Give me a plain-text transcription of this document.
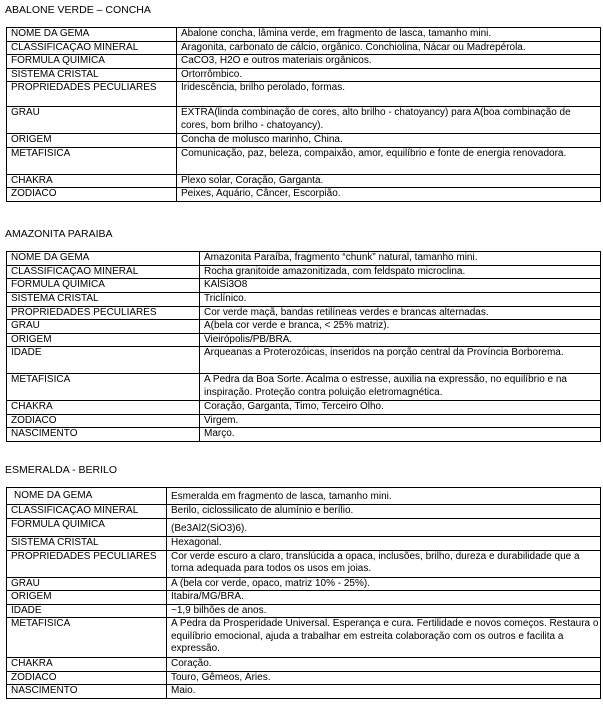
ABALONE VERDE – CONCHA
NOME DA GEMA	Abalone concha, lâmina verde, em fragmento de lasca, tamanho mini.
CLASSIFICAÇÃO MINERAL	Aragonita, carbonato de cálcio, orgânico. Conchiolina, Nácar ou Madrepérola.
FÓRMULA QUIMICA	CaCO3, H2O e outros materiais orgânicos.
SISTEMA CRISTAL	Ortorrômbico.
PROPRIEDADES PECULIARES	Iridescência, brilho perolado, formas.
GRAU	EXTRA(linda combinação de cores, alto brilho - chatoyancy) para A(boa combinação de cores, bom brilho - chatoyancy).
ORIGEM	Concha de molusco marinho, China.
METAFÍSICA	Comunicação, paz, beleza, compaixão, amor, equilíbrio e fonte de energia renovadora.
CHAKRA	Plexo solar, Coração, Garganta.
ZODIACO	Peixes, Aquário, Câncer, Escorpião.
AMAZONITA PARAIBA
NOME DA GEMA	Amazonita Paraíba, fragmento “chunk” natural, tamanho mini.
CLASSIFICAÇÃO MINERAL	Rocha granitoide amazonitizada, com feldspato microclina.
FÓRMULA QUIMICA	KAlSi3O8
SISTEMA CRISTAL	Triclínico.
PROPRIEDADES PECULIARES	Cor verde maçã, bandas retilíneas verdes e brancas alternadas.
GRAU	A(bela cor verde e branca, < 25% matriz).
ORIGEM	Vieirópolis/PB/BRA.
IDADE	Arqueanas a Proterozóicas, inseridos na porção central da Província Borborema.
METAFÍSICA	A Pedra da Boa Sorte. Acalma o estresse, auxilia na expressão, no equilíbrio e na inspiração. Proteção contra poluição eletromagnética.
CHAKRA	Coração, Garganta, Timo, Terceiro Olho.
ZODIACO	Virgem.
NASCIMENTO	Março.
ESMERALDA - BERILO
NOME DA GEMA	Esmeralda em fragmento de lasca, tamanho mini.
CLASSIFICAÇÃO MINERAL	Berilo, ciclossilicato de alumínio e berílio.
FÓRMULA QUIMICA	(Be3Al2(SiO3)6).
SISTEMA CRISTAL	Hexagonal.
PROPRIEDADES PECULIARES	Cor verde escuro a claro, translúcida a opaca, inclusões, brilho, dureza e durabilidade que a torna adequada para todos os usos em joias.
GRAU	A (bela cor verde, opaco, matriz 10% - 25%).
ORIGEM	Itabira/MG/BRA.
IDADE	~1,9 bilhões de anos.
METAFÍSICA	A Pedra da Prosperidade Universal. Esperança e cura. Fertilidade e novos começos. Restaura o equilíbrio emocional, ajuda a trabalhar em estreita colaboração com os outros e facilita a expressão.
CHAKRA	Coração.
ZODIACO	Touro, Gêmeos, Áries.
NASCIMENTO	Maio.
